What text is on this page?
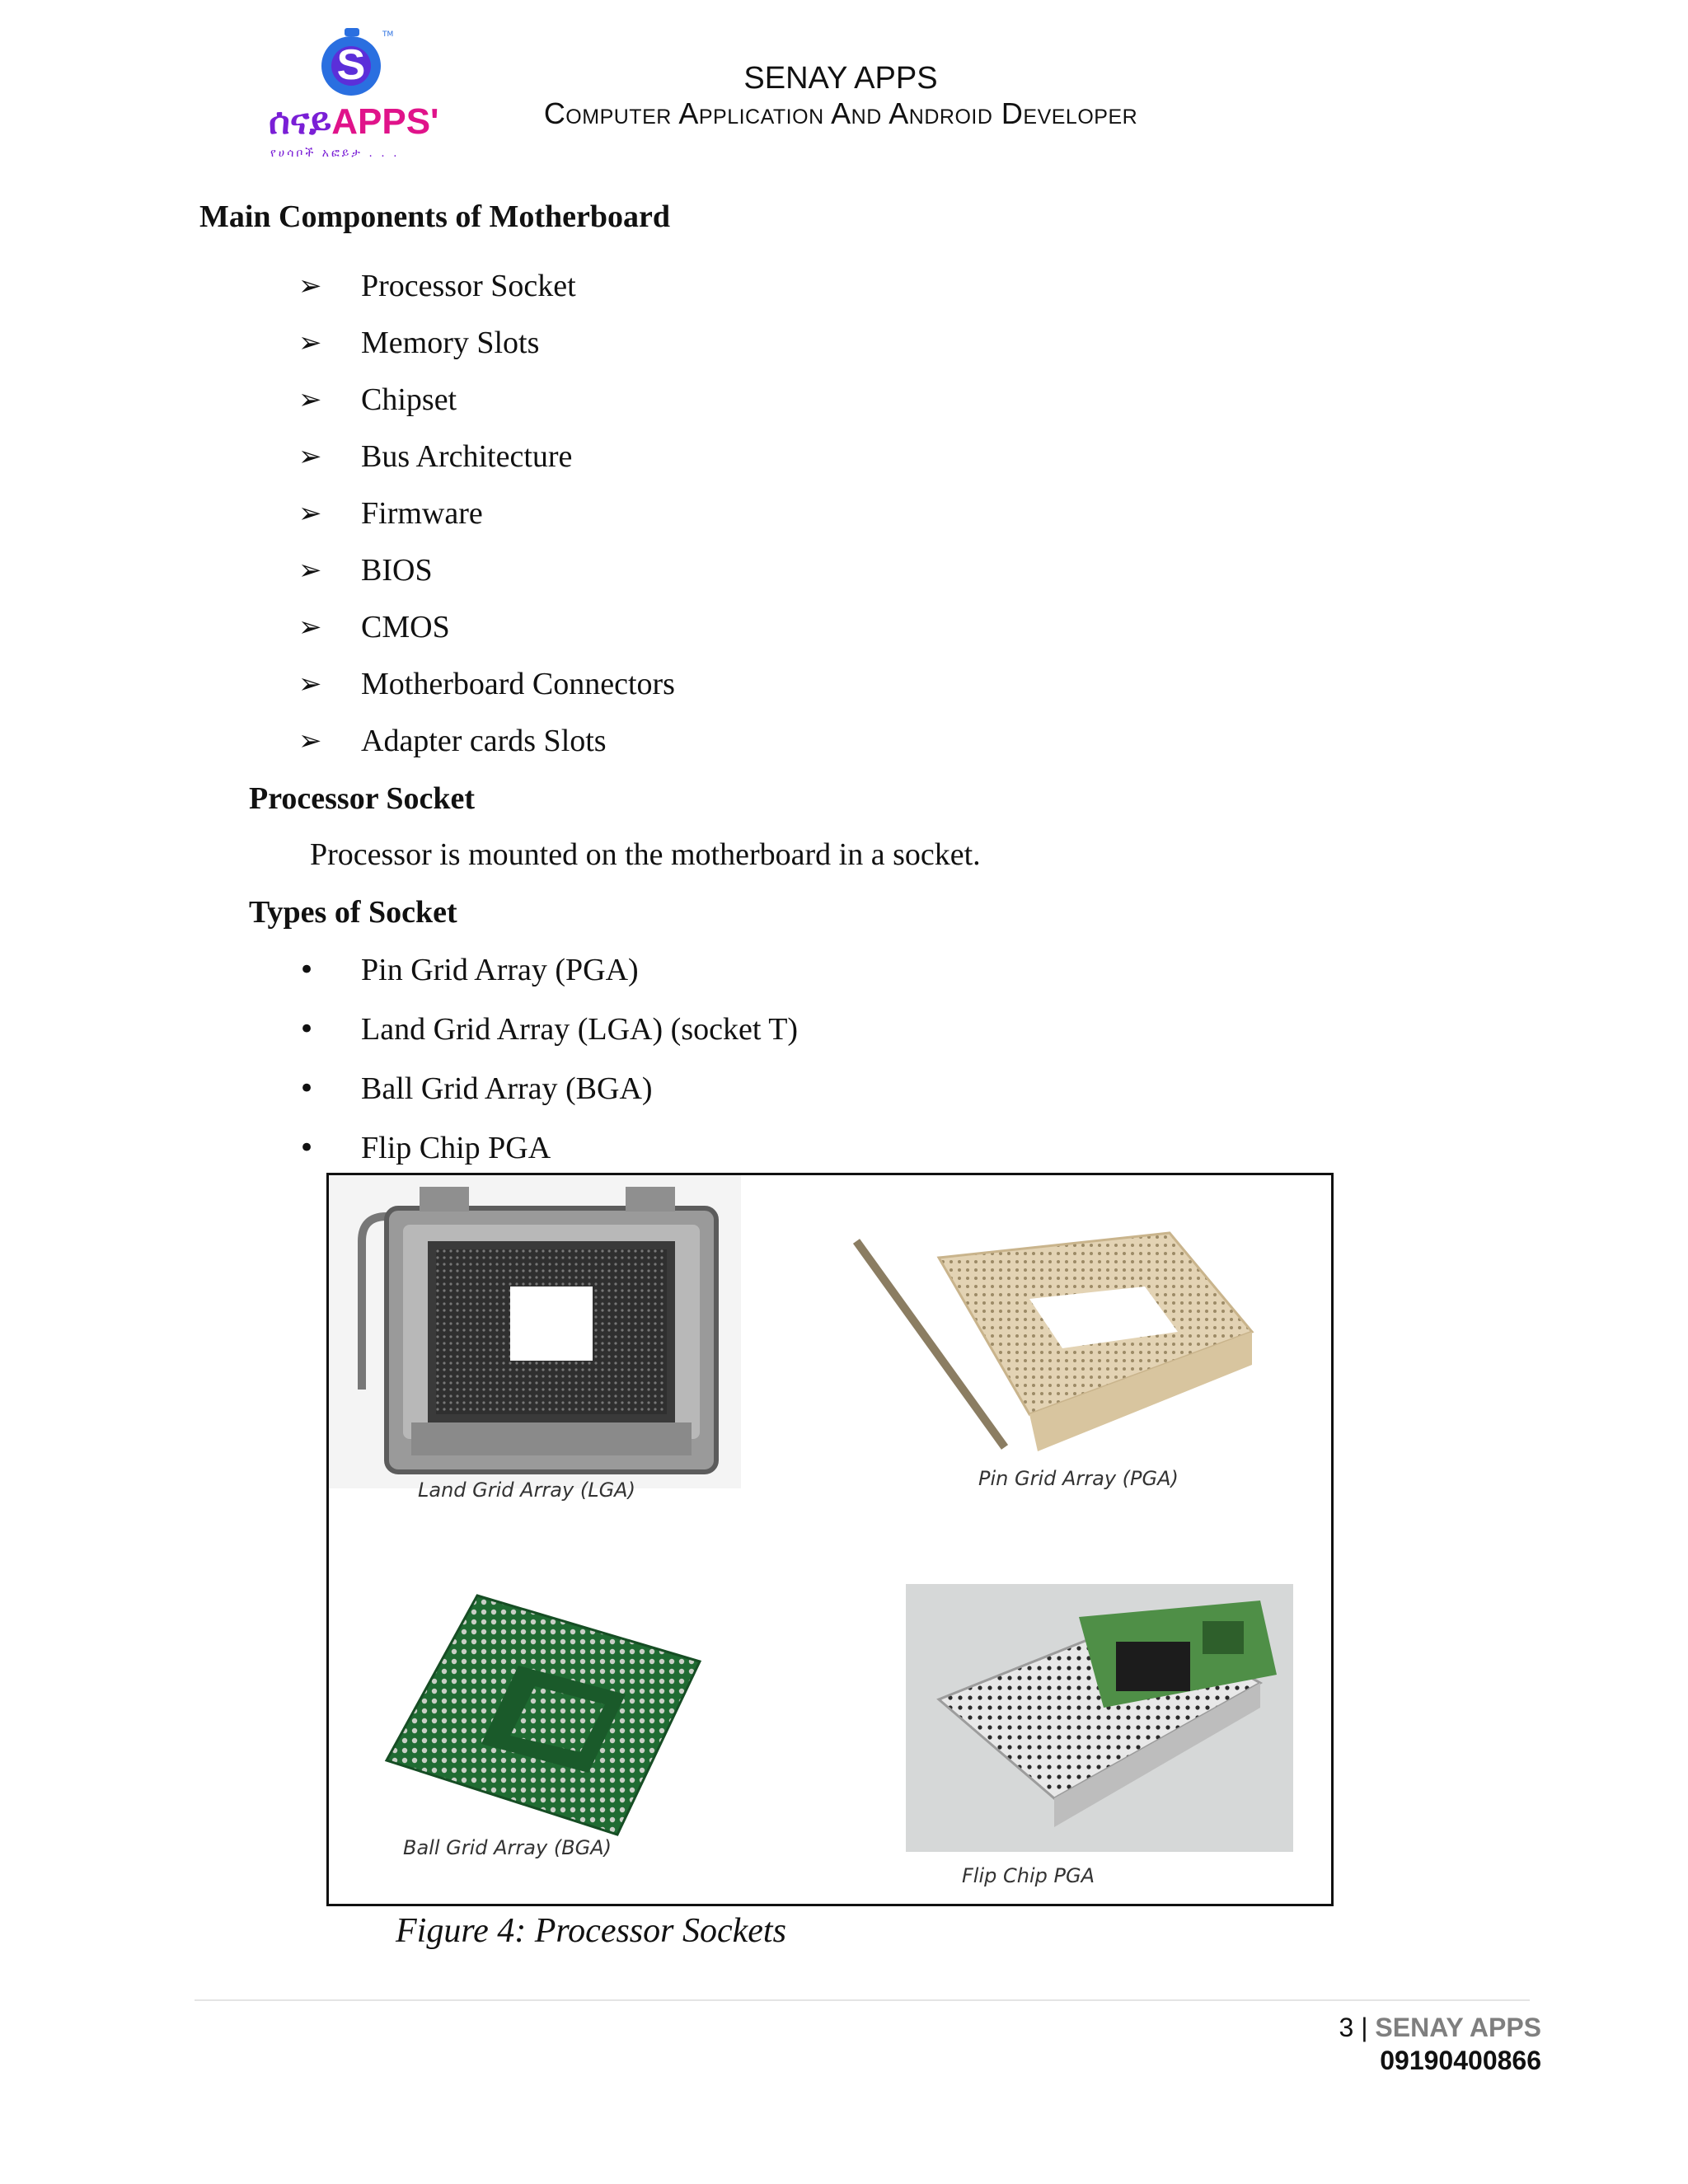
S
TM
ሰናይAPPS'
የሀሳቦች አፎይታ . . .
SENAY APPS
Computer Application And Android Developer
Main Components of Motherboard
➢	Processor Socket
➢	Memory Slots
➢	Chipset
➢	Bus Architecture
➢	Firmware
➢	BIOS
➢	CMOS
➢	Motherboard Connectors
➢	Adapter cards Slots
Processor Socket
Processor is mounted on the motherboard in a socket.
Types of Socket
•	Pin Grid Array (PGA)
•	Land Grid Array (LGA) (socket T)
•	Ball Grid Array (BGA)
•	Flip Chip PGA
Land Grid Array (LGA)	Pin Grid Array (PGA)
Ball Grid Array (BGA)
Flip Chip PGA
Figure 4: Processor Sockets
3 | SENAY APPS
09190400866
